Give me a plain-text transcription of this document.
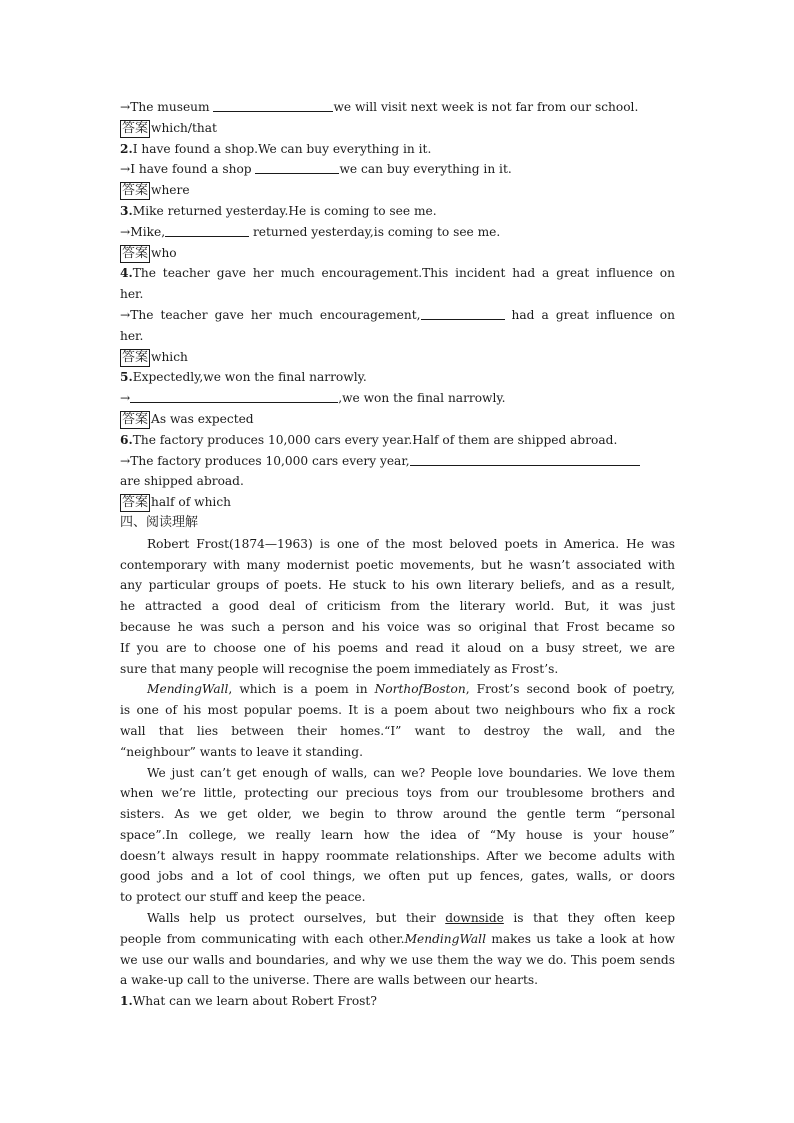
→The museum	we will visit next week is not far from our school.
答案 which/that
2.I have found a shop.We can buy everything in it.
→I have found a shop	we can buy everything in it.
答案 where
3.Mike returned yesterday.He is coming to see me.
→Mike,	returned yesterday,is coming to see me.
答案 who
4.The teacher gave her much encouragement.This incident had a great influence on
her.
→The teacher gave her much encouragement,	had a great influence on
her.
答案 which
5.Expectedly,we won the final narrowly.
→	,we won the final narrowly.
答案 As was expected
6.The factory produces 10,000 cars every year.Half of them are shipped abroad.
→The factory produces 10,000 cars every year,
are shipped abroad.
答案 half of which
四、阅读理解
Robert Frost(1874—1963) is one of the most beloved poets in America. He was
contemporary with many modernist poetic movements, but he wasn’t associated with
any particular groups of poets. He stuck to his own literary beliefs, and as a result,
he attracted a good deal of criticism from the literary world. But, it was just
because he was such a person and his voice was so original that Frost became so
If you are to choose one of his poems and read it aloud on a busy street, we are
sure that many people will recognise the poem immediately as Frost’s.
MendingWall, which is a poem in NorthofBoston, Frost’s second book of poetry,
is one of his most popular poems. It is a poem about two neighbours who fix a rock
wall that lies between their homes.“I” want to destroy the wall, and the
“neighbour” wants to leave it standing.
We just can’t get enough of walls, can we? People love boundaries. We love them
when we’re little, protecting our precious toys from our troublesome brothers and
sisters. As we get older, we begin to throw around the gentle term “personal
space”.In college, we really learn how the idea of “My house is your house”
doesn’t always result in happy roommate relationships. After we become adults with
good jobs and a lot of cool things, we often put up fences, gates, walls, or doors
to protect our stuff and keep the peace.
Walls help us protect ourselves, but their downside is that they often keep
people from communicating with each other.MendingWall makes us take a look at how
we use our walls and boundaries, and why we use them the way we do. This poem sends
a wake-up call to the universe. There are walls between our hearts.
1.What can we learn about Robert Frost?
